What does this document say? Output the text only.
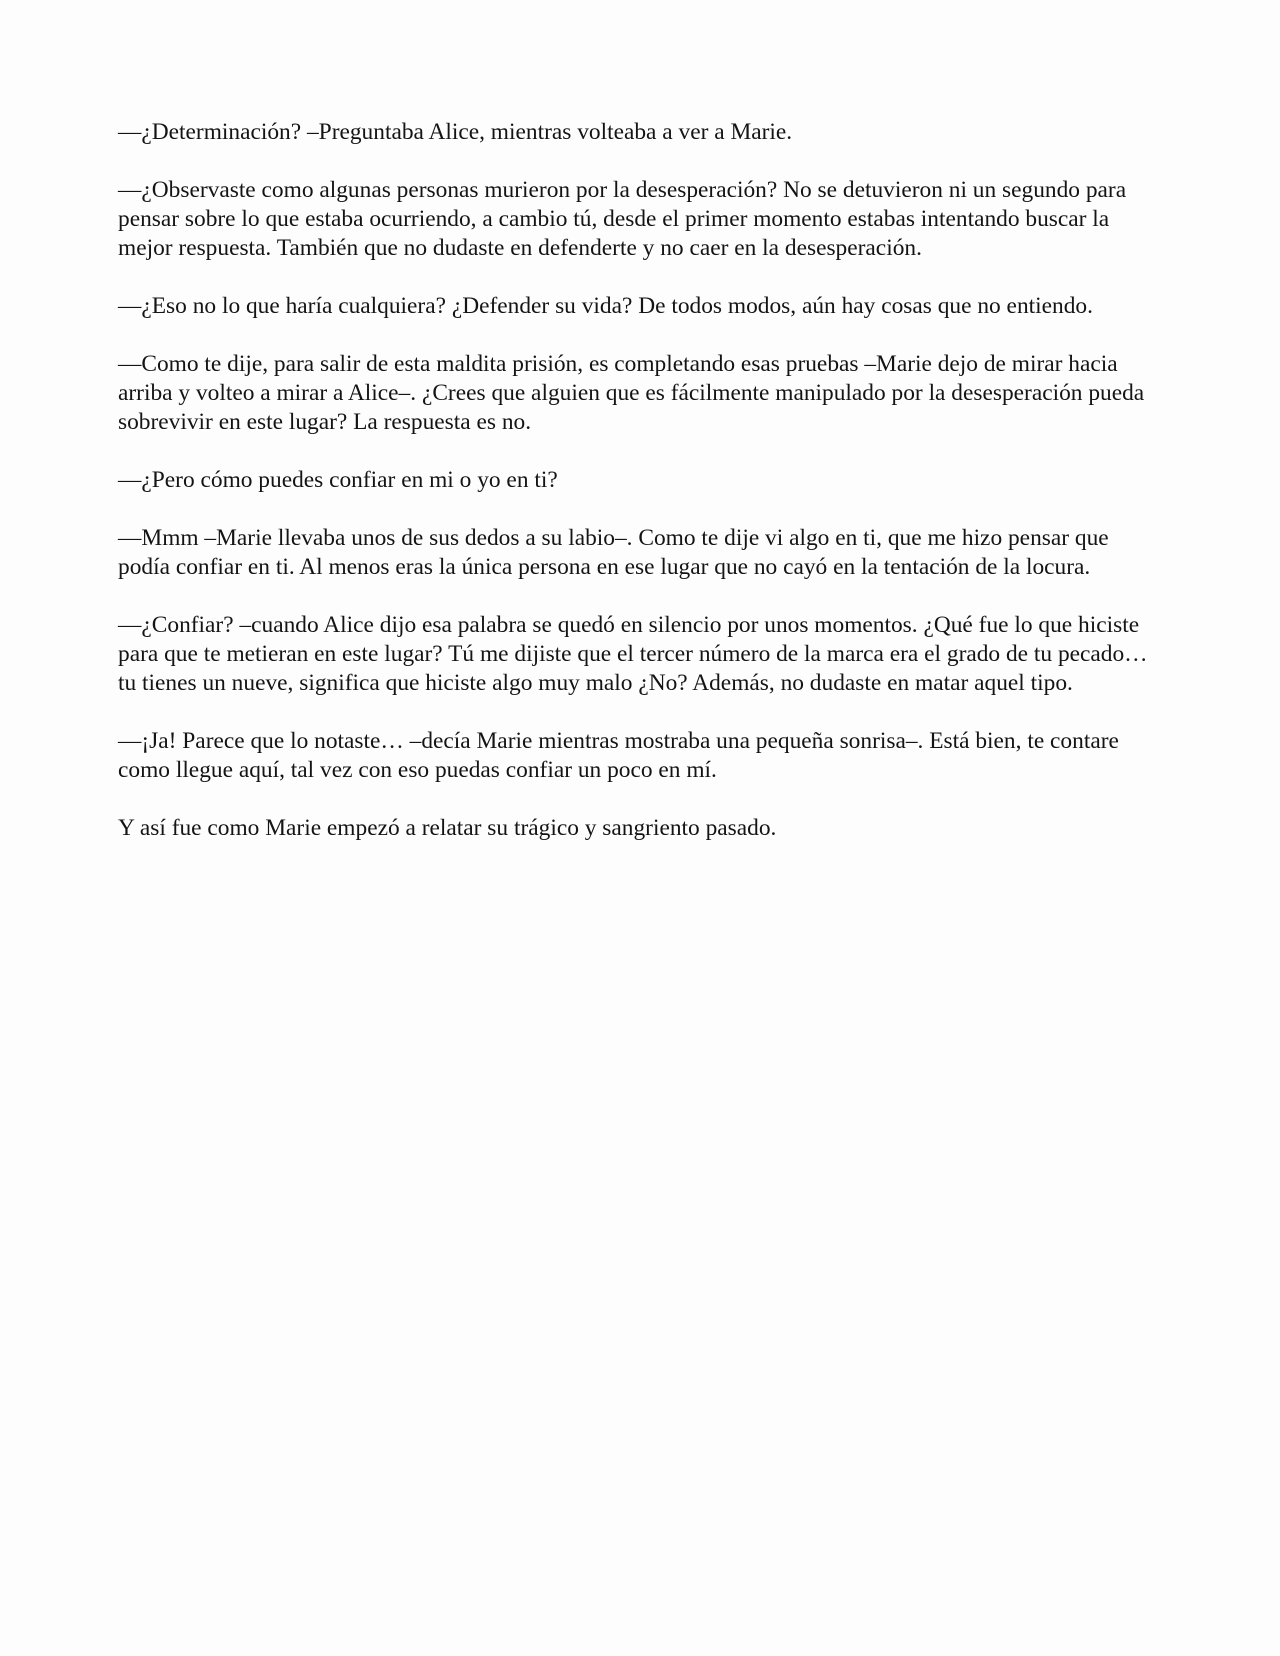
—¿Determinación? –Preguntaba Alice, mientras volteaba a ver a Marie.

—¿Observaste como algunas personas murieron por la desesperación? No se detuvieron ni un segundo para pensar sobre lo que estaba ocurriendo, a cambio tú, desde el primer momento estabas intentando buscar la mejor respuesta. También que no dudaste en defenderte y no caer en la desesperación.

—¿Eso no lo que haría cualquiera? ¿Defender su vida? De todos modos, aún hay cosas que no entiendo.

—Como te dije, para salir de esta maldita prisión, es completando esas pruebas –Marie dejo de mirar hacia arriba y volteo a mirar a Alice–. ¿Crees que alguien que es fácilmente manipulado por la desesperación pueda sobrevivir en este lugar? La respuesta es no.

—¿Pero cómo puedes confiar en mi o yo en ti?

—Mmm –Marie llevaba unos de sus dedos a su labio–. Como te dije vi algo en ti, que me hizo pensar que podía confiar en ti. Al menos eras la única persona en ese lugar que no cayó en la tentación de la locura.

—¿Confiar? –cuando Alice dijo esa palabra se quedó en silencio por unos momentos. ¿Qué fue lo que hiciste para que te metieran en este lugar? Tú me dijiste que el tercer número de la marca era el grado de tu pecado… tu tienes un nueve, significa que hiciste algo muy malo ¿No? Además, no dudaste en matar aquel tipo.

—¡Ja! Parece que lo notaste… –decía Marie mientras mostraba una pequeña sonrisa–. Está bien, te contare como llegue aquí, tal vez con eso puedas confiar un poco en mí.

Y así fue como Marie empezó a relatar su trágico y sangriento pasado.
